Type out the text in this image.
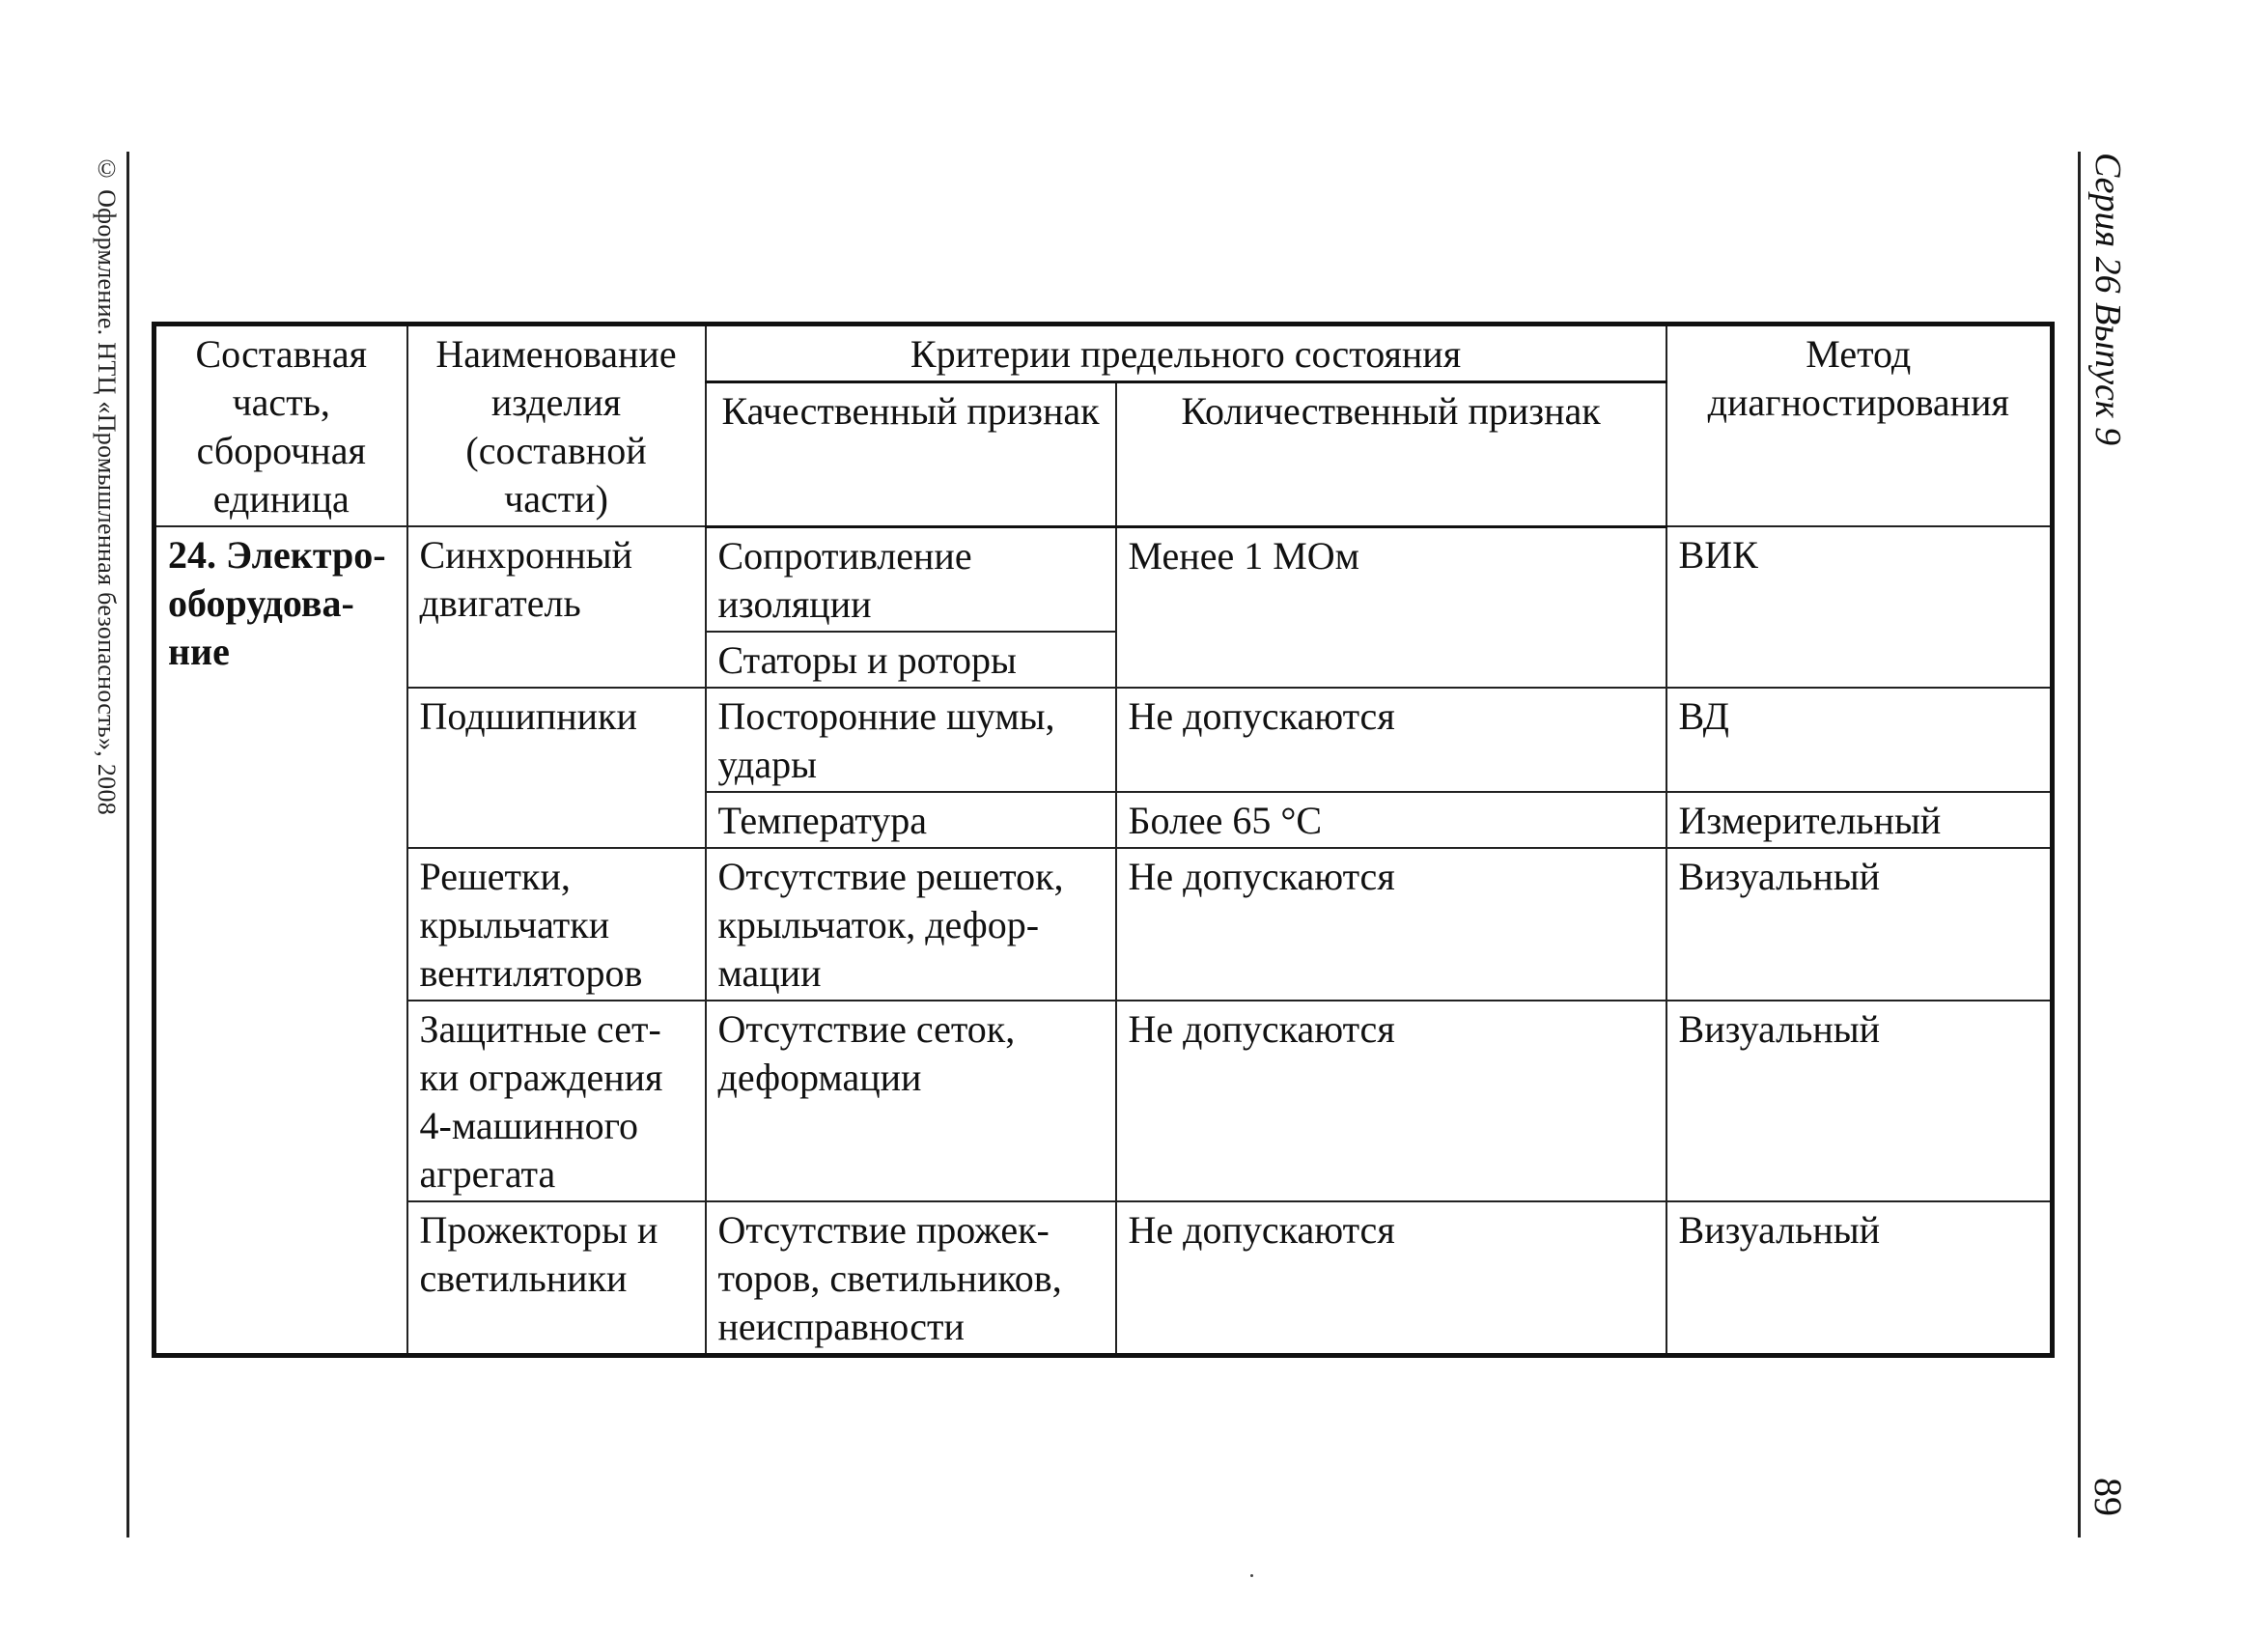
© Оформление. НТЦ «Промышленная безопасность», 2008	Серия 26 Выпуск 9
89
Составная часть, сборочная единица	Наименование изделия (составной части)	Критерии предельного состояния		Метод диагностирования
		Качественный признак	Количественный признак	
24. Электро-оборудова-ние	Синхронный двигатель	Сопротивление изоляции	Менее 1 МОм	ВИК
		Статоры и роторы		
	Подшипники	Посторонние шумы, удары	Не допускаются	ВД
		Температура	Более 65 °С	Измерительный
	Решетки, крыльчатки вентиляторов	Отсутствие решеток, крыльчаток, дефор-мации	Не допускаются	Визуальный
	Защитные сет-ки ограждения 4-машинного агрегата	Отсутствие сеток, деформации	Не допускаются	Визуальный
	Прожекторы и светильники	Отсутствие прожек-торов, светильников, неисправности	Не допускаются	Визуальный
